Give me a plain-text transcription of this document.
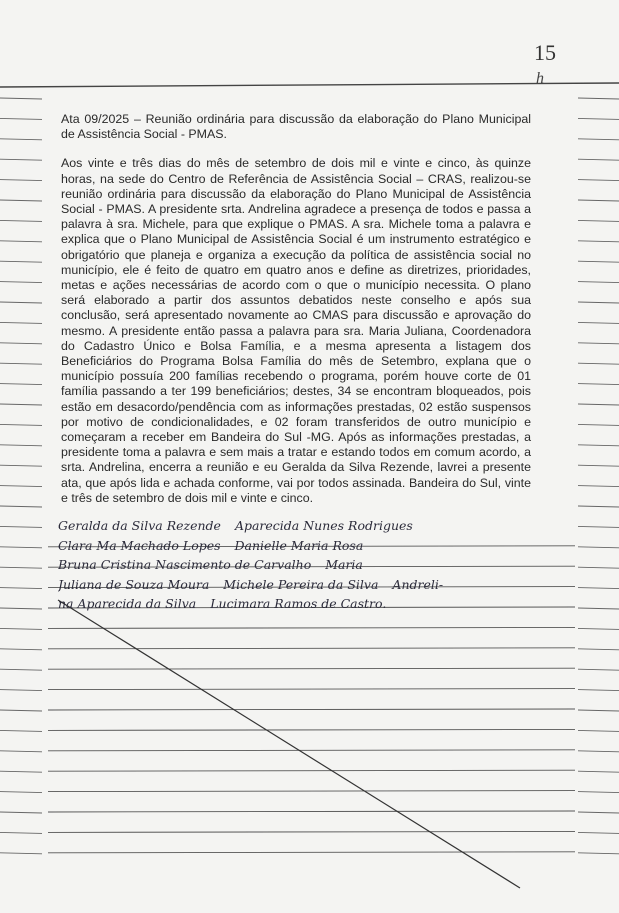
15
h

Ata 09/2025 – Reunião ordinária para discussão da elaboração do Plano Municipal de Assistência Social - PMAS.

Aos vinte e três dias do mês de setembro de dois mil e vinte e cinco, às quinze horas, na sede do Centro de Referência de Assistência Social – CRAS, realizou-se reunião ordinária para discussão da elaboração do Plano Municipal de Assistência Social - PMAS. A presidente srta. Andrelina agradece a presença de todos e passa a palavra à sra. Michele, para que explique o PMAS. A sra. Michele toma a palavra e explica que o Plano Municipal de Assistência Social é um instrumento estratégico e obrigatório que planeja e organiza a execução da política de assistência social no município, ele é feito de quatro em quatro anos e define as diretrizes, prioridades, metas e ações necessárias de acordo com o que o município necessita. O plano será elaborado a partir dos assuntos debatidos neste conselho e após sua conclusão, será apresentado novamente ao CMAS para discussão e aprovação do mesmo. A presidente então passa a palavra para sra. Maria Juliana, Coordenadora do Cadastro Único e Bolsa Família, e a mesma apresenta a listagem dos Beneficiários do Programa Bolsa Família do mês de Setembro, explana que o município possuía 200 famílias recebendo o programa, porém houve corte de 01 família passando a ter 199 beneficiários; destes, 34 se encontram bloqueados, pois estão em desacordo/pendência com as informações prestadas, 02 estão suspensos por motivo de condicionalidades, e 02 foram transferidos de outro município e começaram a receber em Bandeira do Sul -MG. Após as informações prestadas, a presidente toma a palavra e sem mais a tratar e estando todos em comum acordo, a srta. Andrelina, encerra a reunião e eu Geralda da Silva Rezende, lavrei a presente ata, que após lida e achada conforme, vai por todos assinada. Bandeira do Sul, vinte e três de setembro de dois mil e vinte e cinco.

Geralda da Silva Rezende Aparecida Nunes Rodrigues
Clara Ma Machado Lopes Danielle Maria Rosa
Bruna Cristina Nascimento de Carvalho Maria
Juliana de Souza Moura Michele Pereira da Silva Andreli-
na Aparecida da Silva Lucimara Ramos de Castro.
